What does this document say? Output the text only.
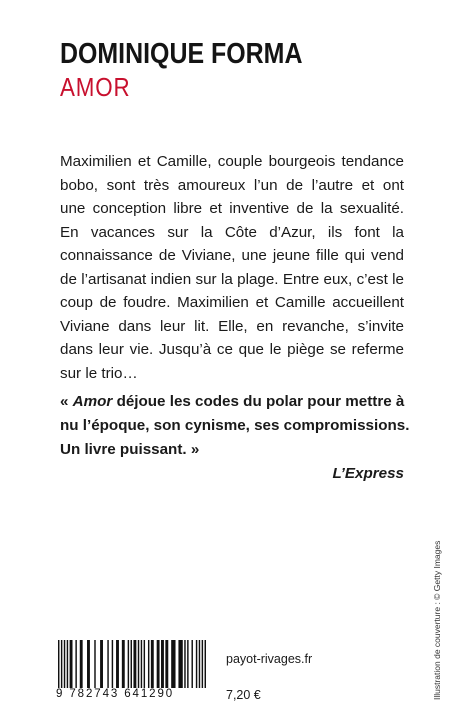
DOMINIQUE FORMA
AMOR
Maximilien et Camille, couple bourgeois tendance
bobo, sont très amoureux l’un de l’autre et ont
une conception libre et inventive de la sexualité.
En vacances sur la Côte d’Azur, ils font la
connaissance de Viviane, une jeune fille qui vend
de l’artisanat indien sur la plage. Entre eux, c’est le
coup de foudre. Maximilien et Camille accueillent
Viviane dans leur lit. Elle, en revanche, s’invite
dans leur vie. Jusqu’à ce que le piège se referme
sur le trio…
« Amor déjoue les codes du polar pour mettre à
nu l’époque, son cynisme, ses compromissions.
Un livre puissant. »
L’Express
Illustration de couverture : © Getty Images
9 782743 641290
payot-rivages.fr
7,20 €
